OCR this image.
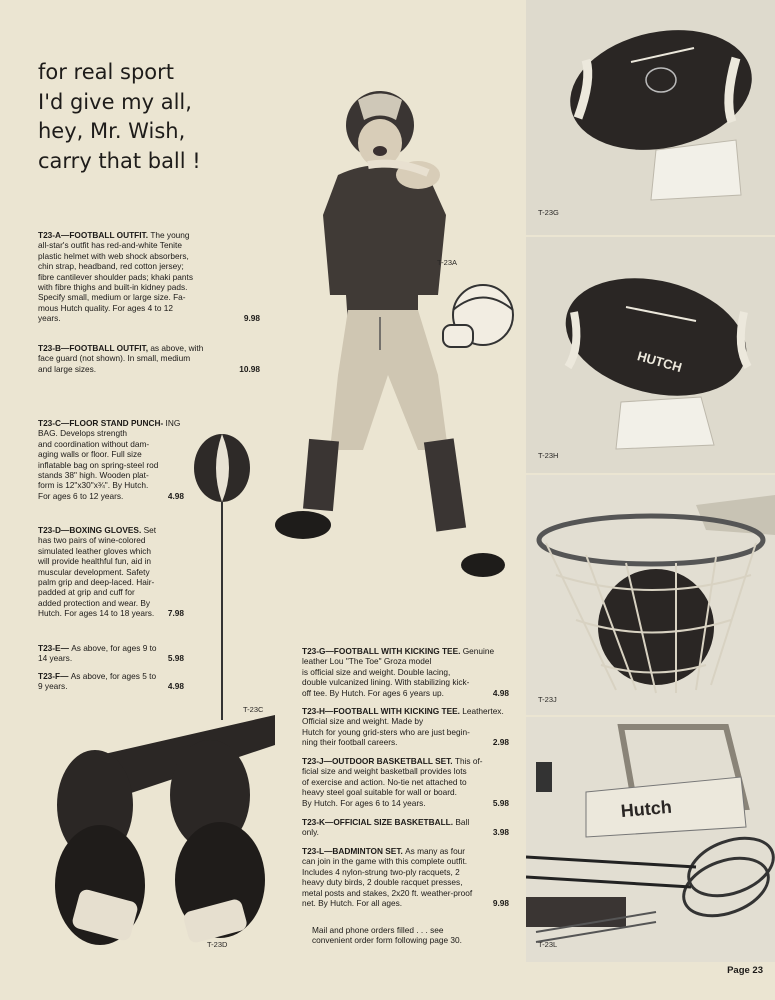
for real sport
I'd give my all,
hey, Mr. Wish,
carry that ball !
T23-A—FOOTBALL OUTFIT. The young
all-star's outfit has red-and-white Tenite
plastic helmet with web shock absorbers,
chin strap, headband, red cotton jersey;
fibre cantilever shoulder pads; khaki pants
with fibre thighs and built-in kidney pads.
Specify small, medium or large size. Fa-
mous Hutch quality. For ages 4 to 12
years.	9.98
T23-B—FOOTBALL OUTFIT, as above, with
face guard (not shown). In small, medium
and large sizes.	10.98
T23-C—FLOOR STAND PUNCH- ING BAG. Develops strength
and coordination without dam-
aging walls or floor. Full size
inflatable bag on spring-steel rod
stands 38" high. Wooden plat-
form is 12"x30"x¾". By Hutch.
For ages 6 to 12 years.	4.98
T23-D—BOXING GLOVES. Set
has two pairs of wine-colored
simulated leather gloves which
will provide healthful fun, aid in
muscular development. Safety
palm grip and deep-laced. Hair-
padded at grip and cuff for
added protection and wear. By
Hutch. For ages 14 to 18 years. 7.98
T23-E— As above, for ages 9 to
14 years.	5.98
T23-F— As above, for ages 5 to
9 years.	4.98
T23-G—FOOTBALL WITH KICKING TEE. Genuine leather Lou "The Toe" Groza model
is official size and weight. Double lacing,
double vulcanized lining. With stabilizing kick-
off tee. By Hutch. For ages 6 years up.	4.98
T23-H—FOOTBALL WITH KICKING TEE. Leathertex. Official size and weight. Made by
Hutch for young grid-sters who are just begin-
ning their football careers.	2.98
T23-J—OUTDOOR BASKETBALL SET. This of-
ficial size and weight basketball provides lots
of exercise and action. No-tie net attached to
heavy steel goal suitable for wall or board.
By Hutch. For ages 6 to 14 years.	5.98
T23-K—OFFICIAL SIZE BASKETBALL. Ball
only.	3.98
T23-L—BADMINTON SET. As many as four
can join in the game with this complete outfit.
Includes 4 nylon-strung two-ply racquets, 2
heavy duty birds, 2 double racquet presses,
metal posts and stakes, 2x20 ft. weather-proof
net. By Hutch. For all ages.	9.98
Mail and phone orders filled . . . see
convenient order form following page 30.
T-23A
T-23C
T-23D
T-23G
HUTCH
T-23H
T-23J
Hutch
T-23L
Page 23
